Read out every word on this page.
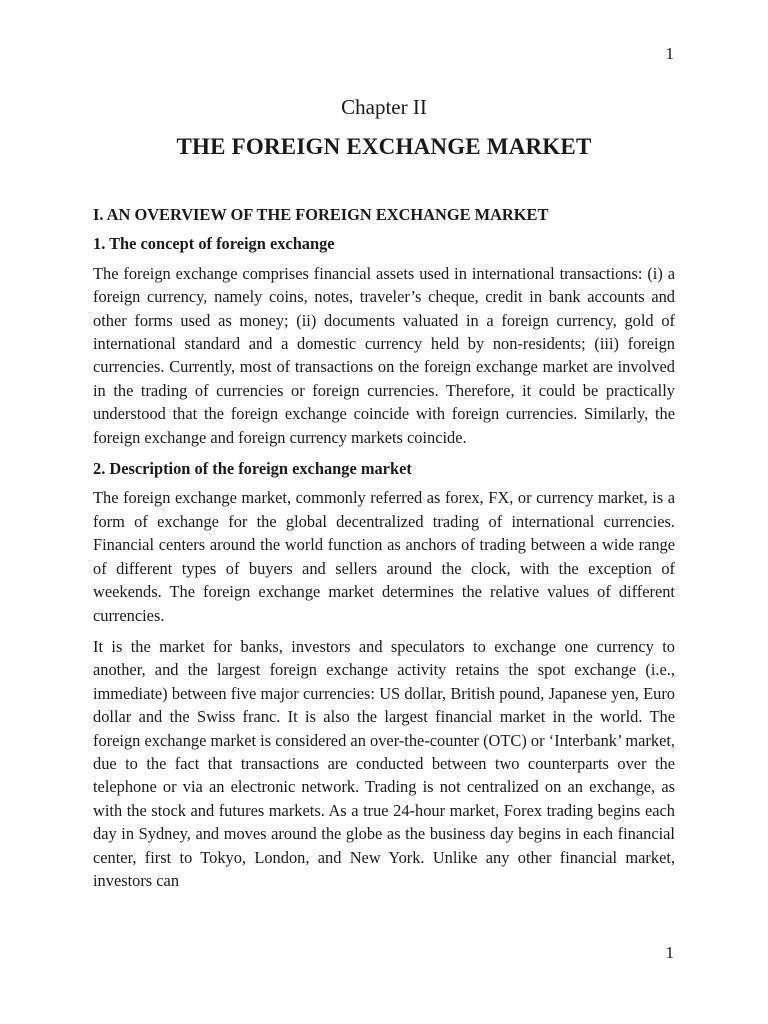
1
Chapter II
THE FOREIGN EXCHANGE MARKET
I. AN OVERVIEW OF THE FOREIGN EXCHANGE MARKET
1. The concept of foreign exchange

The foreign exchange comprises financial assets used in international transactions: (i) a foreign currency, namely coins, notes, traveler’s cheque, credit in bank accounts and other forms used as money; (ii) documents valuated in a foreign currency, gold of international standard and a domestic currency held by non-residents; (iii) foreign currencies. Currently, most of transactions on the foreign exchange market are involved in the trading of currencies or foreign currencies. Therefore, it could be practically understood that the foreign exchange coincide with foreign currencies. Similarly, the foreign exchange and foreign currency markets coincide.

2. Description of the foreign exchange market

The foreign exchange market, commonly referred as forex, FX, or currency market, is a form of exchange for the global decentralized trading of international currencies. Financial centers around the world function as anchors of trading between a wide range of different types of buyers and sellers around the clock, with the exception of weekends. The foreign exchange market determines the relative values of different currencies.

It is the market for banks, investors and speculators to exchange one currency to another, and the largest foreign exchange activity retains the spot exchange (i.e., immediate) between five major currencies: US dollar, British pound, Japanese yen, Euro dollar and the Swiss franc. It is also the largest financial market in the world. The foreign exchange market is considered an over-the-counter (OTC) or ‘Interbank’ market, due to the fact that transactions are conducted between two counterparts over the telephone or via an electronic network. Trading is not centralized on an exchange, as with the stock and futures markets. As a true 24-hour market, Forex trading begins each day in Sydney, and moves around the globe as the business day begins in each financial center, first to Tokyo, London, and New York. Unlike any other financial market, investors can

1
